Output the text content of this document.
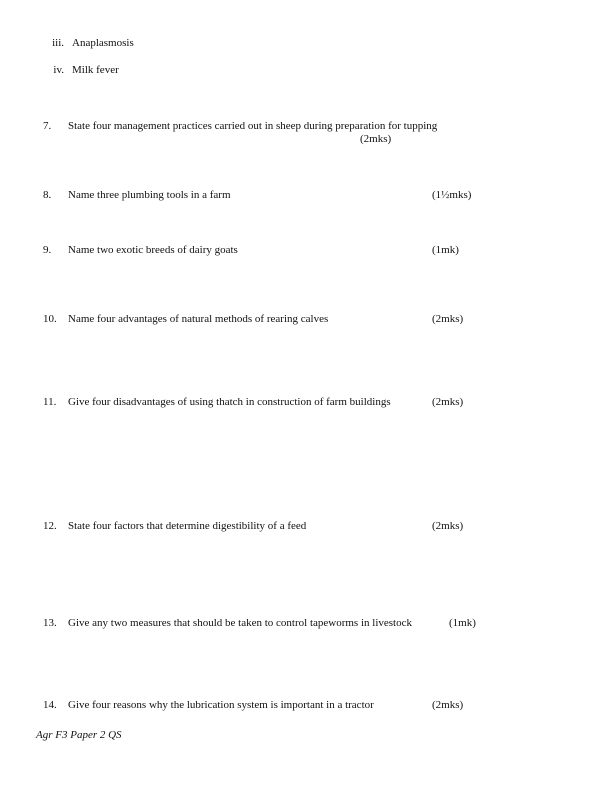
iii. Anaplasmosis
iv. Milk fever
7. State four management practices carried out in sheep during preparation for tupping
(2mks)
8. Name three plumbing tools in a farm	(1½mks)
9. Name two exotic breeds of dairy goats	(1mk)
10. Name four advantages of natural methods of rearing calves	(2mks)
11. Give four disadvantages of using thatch in construction of farm buildings	(2mks)
12. State four factors that determine digestibility of a feed	(2mks)
13. Give any two measures that should be taken to control tapeworms in livestock	(1mk)
14. Give four reasons why the lubrication system is important in a tractor	(2mks)
Agr F3 Paper 2 QS
